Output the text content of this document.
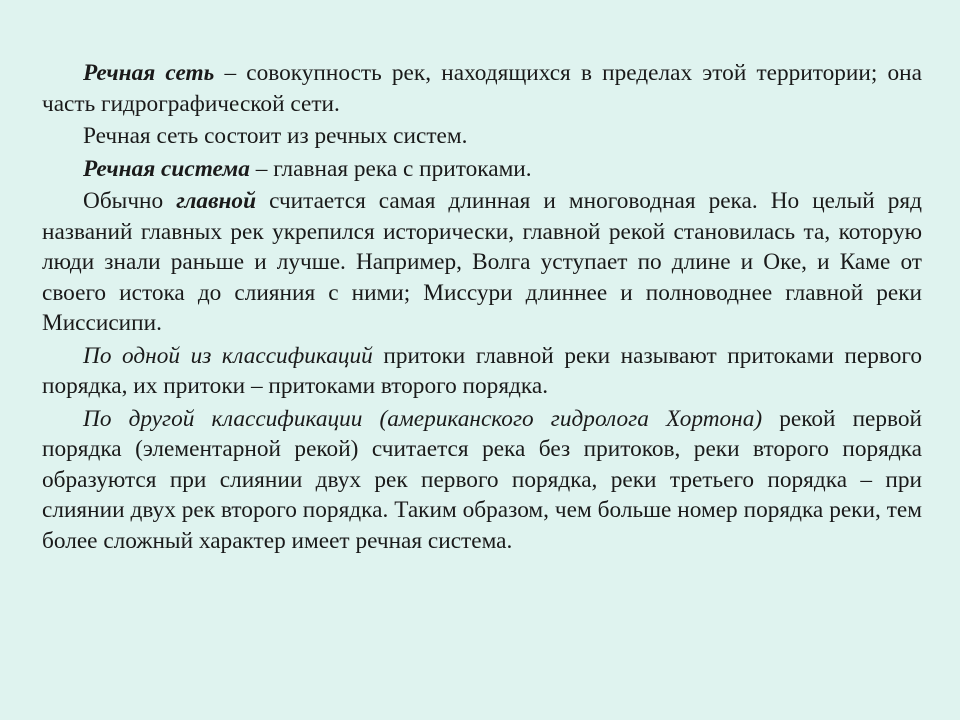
Речная сеть – совокупность рек, находящихся в пределах этой территории; она часть гидрографической сети.

Речная сеть состоит из речных систем.

Речная система – главная река с притоками.

Обычно главной считается самая длинная и многоводная река. Но целый ряд названий главных рек укрепился исторически, главной рекой становилась та, которую люди знали раньше и лучше. Например, Волга уступает по длине и Оке, и Каме от своего истока до слияния с ними; Миссури длиннее и полноводнее главной реки Миссисипи.

По одной из классификаций притоки главной реки называют притоками первого порядка, их притоки – притоками второго порядка.

По другой классификации (американского гидролога Хортона) рекой первой порядка (элементарной рекой) считается река без притоков, реки второго порядка образуются при слиянии двух рек первого порядка, реки третьего порядка – при слиянии двух рек второго порядка. Таким образом, чем больше номер порядка реки, тем более сложный характер имеет речная система.
